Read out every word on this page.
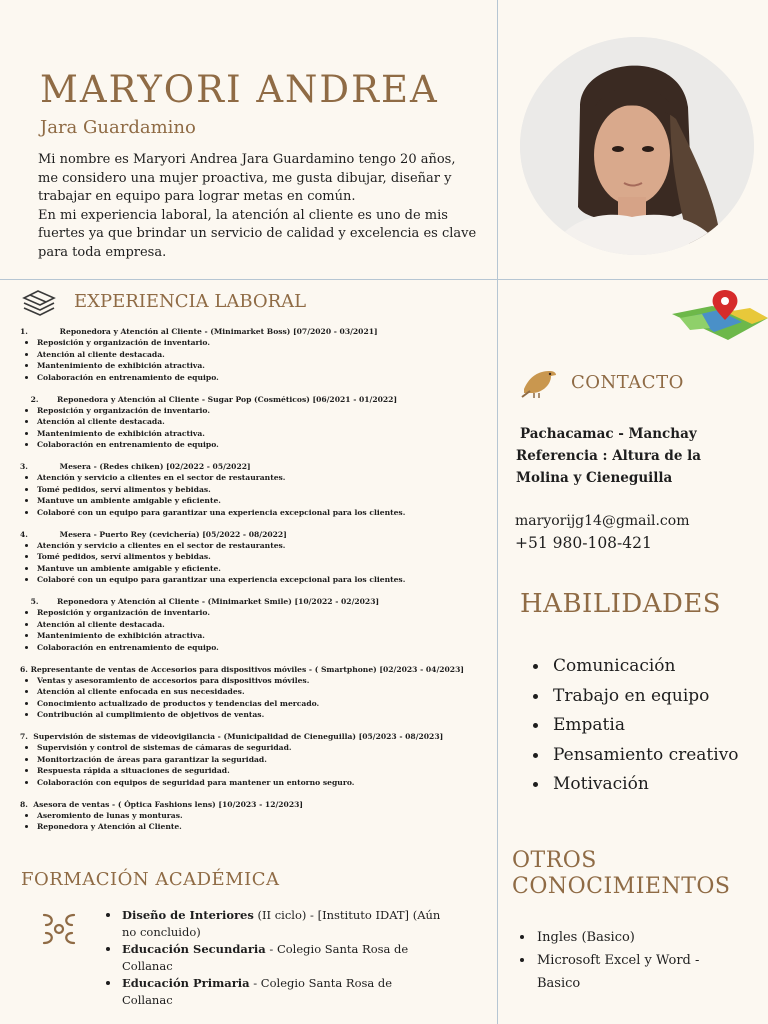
MARYORI ANDREA
Jara Guardamino

Mi nombre es Maryori Andrea Jara Guardamino tengo 20 años, me considero una mujer proactiva, me gusta dibujar, diseñar y trabajar en equipo para lograr metas en común.

En mi experiencia laboral, la atención al cliente es uno de mis fuertes ya que brindar un servicio de calidad y excelencia es clave para toda empresa.

EXPERIENCIA LABORAL
1.	Reponedora y Atención al Cliente - (Minimarket Boss) [07/2020 - 03/2021]
Reposición y organización de inventario.
Atención al cliente destacada.
Mantenimiento de exhibición atractiva.
Colaboración en entrenamiento de equipo.
2. Reponedora y Atención al Cliente - Sugar Pop (Cosméticos) [06/2021 - 01/2022]
Reposición y organización de inventario.
Atención al cliente destacada.
Mantenimiento de exhibición atractiva.
Colaboración en entrenamiento de equipo.
3.	Mesera - (Redes chiken) [02/2022 - 05/2022]
Atención y servicio a clientes en el sector de restaurantes.
Tomé pedidos, serví alimentos y bebidas.
Mantuve un ambiente amigable y eficiente.
Colaboré con un equipo para garantizar una experiencia excepcional para los clientes.
4.	Mesera - Puerto Rey (cevichería) [05/2022 - 08/2022]
Atención y servicio a clientes en el sector de restaurantes.
Tomé pedidos, serví alimentos y bebidas.
Mantuve un ambiente amigable y eficiente.
Colaboré con un equipo para garantizar una experiencia excepcional para los clientes.
5. Reponedora y Atención al Cliente - (Minimarket Smile) [10/2022 - 02/2023]
Reposición y organización de inventario.
Atención al cliente destacada.
Mantenimiento de exhibición atractiva.
Colaboración en entrenamiento de equipo.
6. Representante de ventas de Accesorios para dispositivos móviles - ( Smartphone) [02/2023 - 04/2023]
Ventas y asesoramiento de accesorios para dispositivos móviles.
Atención al cliente enfocada en sus necesidades.
Conocimiento actualizado de productos y tendencias del mercado.
Contribución al cumplimiento de objetivos de ventas.
7. Supervisión de sistemas de videovigilancia - (Municipalidad de Cieneguilla) [05/2023 - 08/2023]
Supervisión y control de sistemas de cámaras de seguridad.
Monitorización de áreas para garantizar la seguridad.
Respuesta rápida a situaciones de seguridad.
Colaboración con equipos de seguridad para mantener un entorno seguro.
8. Asesora de ventas - ( Óptica Fashions lens) [10/2023 - 12/2023]
Aseromiento de lunas y monturas.
Reponedora y Atención al Cliente.
FORMACIÓN ACADÉMICA
Diseño de Interiores (II ciclo) - [Instituto IDAT] (Aún no concluido)
Educación Secundaria - Colegio Santa Rosa de Collanac
Educación Primaria - Colegio Santa Rosa de Collanac
CONTACTO
Pachacamac - Manchay
Referencia : Altura de la
Molina y Cieneguilla
maryorijg14@gmail.com
+51 980-108-421
HABILIDADES
Comunicación
Trabajo en equipo
Empatia
Pensamiento creativo
Motivación
OTROS CONOCIMIENTOS
Ingles (Basico)
Microsoft Excel y Word - Basico
